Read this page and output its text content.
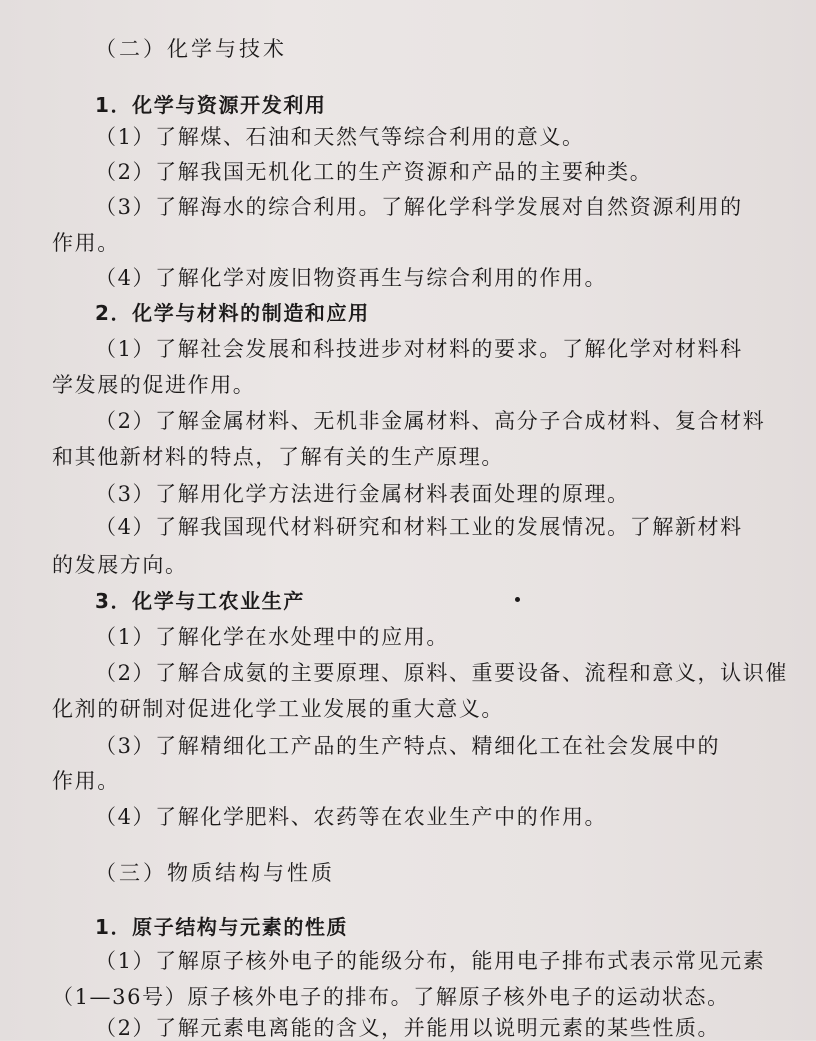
（二）化学与技术
1．化学与资源开发利用
（1）了解煤、石油和天然气等综合利用的意义。
（2）了解我国无机化工的生产资源和产品的主要种类。
（3）了解海水的综合利用。了解化学科学发展对自然资源利用的
作用。
（4）了解化学对废旧物资再生与综合利用的作用。
2．化学与材料的制造和应用
（1）了解社会发展和科技进步对材料的要求。了解化学对材料科
学发展的促进作用。
（2）了解金属材料、无机非金属材料、高分子合成材料、复合材料
和其他新材料的特点，了解有关的生产原理。
（3）了解用化学方法进行金属材料表面处理的原理。
（4）了解我国现代材料研究和材料工业的发展情况。了解新材料
的发展方向。
3．化学与工农业生产
（1）了解化学在水处理中的应用。
（2）了解合成氨的主要原理、原料、重要设备、流程和意义，认识催
化剂的研制对促进化学工业发展的重大意义。
（3）了解精细化工产品的生产特点、精细化工在社会发展中的
作用。
（4）了解化学肥料、农药等在农业生产中的作用。
（三）物质结构与性质
1．原子结构与元素的性质
（1）了解原子核外电子的能级分布，能用电子排布式表示常见元素
（1—36号）原子核外电子的排布。了解原子核外电子的运动状态。
（2）了解元素电离能的含义，并能用以说明元素的某些性质。
